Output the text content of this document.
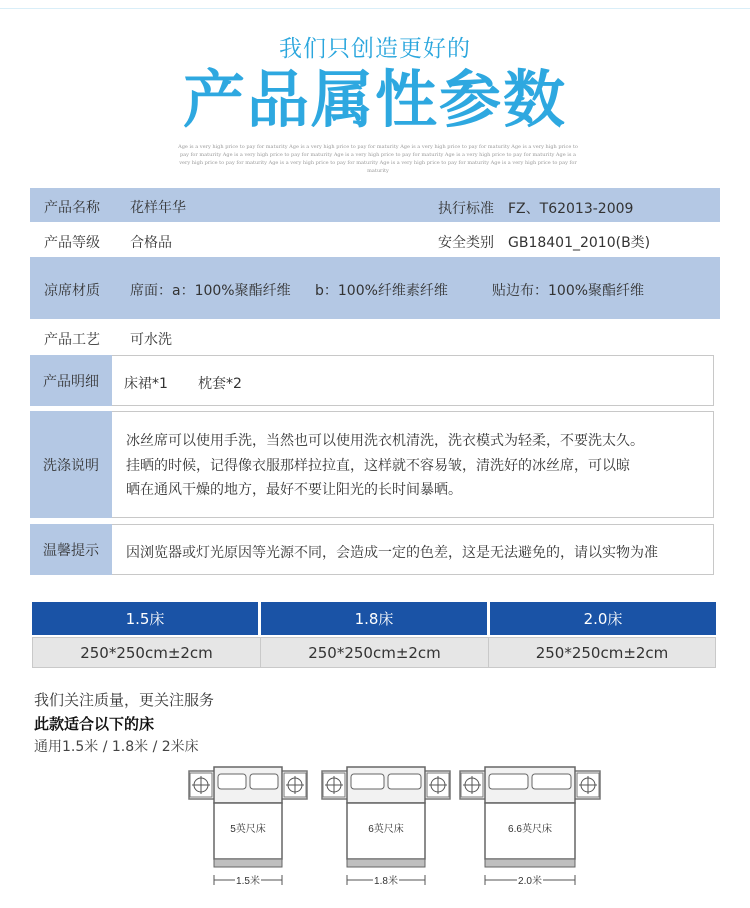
我们只创造更好的
产品属性参数
Age is a very high price to pay for maturity Age is a very high price to pay for maturity Age is a very high price to pay for maturity Age is a very high price to pay for maturity Age is a very high price to pay for maturity Age is a very high price to pay for maturity Age is a very high price to pay for maturity Age is a very high price to pay for maturity Age is a very high price to pay for maturity Age is a very high price to pay for maturity Age is a very high price to pay for maturity
产品名称 花样年华	执行标准 FZ、T62013-2009
产品等级 合格品	安全类别 GB18401_2010(B类)
凉席材质 席面：a：100%聚酯纤维 b：100%纤维素纤维	贴边布：100%聚酯纤维
产品工艺 可水洗
产品明细	床裙*1 枕套*2
洗涤说明
冰丝席可以使用手洗，当然也可以使用洗衣机清洗，洗衣模式为轻柔，不要洗太久。
挂晒的时候，记得像衣服那样拉拉直，这样就不容易皱，清洗好的冰丝席，可以晾
晒在通风干燥的地方，最好不要让阳光的长时间暴晒。
温馨提示	因浏览器或灯光原因等光源不同，会造成一定的色差，这是无法避免的，请以实物为准
1.5床	1.8床	2.0床
250*250cm±2cm	250*250cm±2cm	250*250cm±2cm
我们关注质量，更关注服务
此款适合以下的床
通用1.5米 / 1.8米 / 2米床
5英尺床
1.5米
6英尺床
1.8米
6.6英尺床
2.0米
